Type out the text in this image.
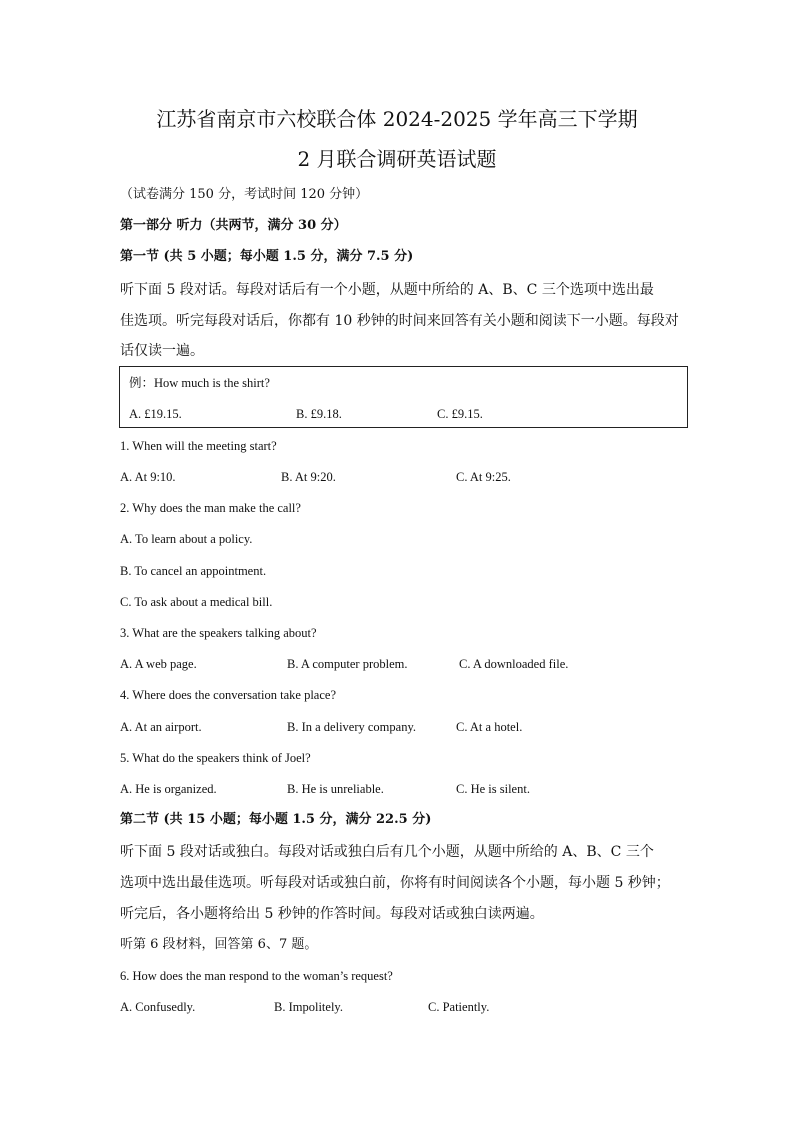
江苏省南京市六校联合体 2024-2025 学年高三下学期
2 月联合调研英语试题
（试卷满分 150 分，考试时间 120 分钟）
第一部分 听力（共两节，满分 30 分）
第一节 (共 5 小题；每小题 1.5 分，满分 7.5 分)
听下面 5 段对话。每段对话后有一个小题，从题中所给的 A、B、C 三个选项中选出最
佳选项。听完每段对话后，你都有 10 秒钟的时间来回答有关小题和阅读下一小题。每段对
话仅读一遍。
例：How much is the shirt?
A. £19.15.	B. £9.18.	C. £9.15.
1. When will the meeting start?
A. At 9:10.	B. At 9:20.	C. At 9:25.
2. Why does the man make the call?
A. To learn about a policy.
B. To cancel an appointment.
C. To ask about a medical bill.
3. What are the speakers talking about?
A. A web page.	B. A computer problem.	C. A downloaded file.
4. Where does the conversation take place?
A. At an airport.	B. In a delivery company.	C. At a hotel.
5. What do the speakers think of Joel?
A. He is organized.	B. He is unreliable.	C. He is silent.
第二节 (共 15 小题；每小题 1.5 分，满分 22.5 分)
听下面 5 段对话或独白。每段对话或独白后有几个小题，从题中所给的 A、B、C 三个
选项中选出最佳选项。听每段对话或独白前，你将有时间阅读各个小题，每小题 5 秒钟；
听完后，各小题将给出 5 秒钟的作答时间。每段对话或独白读两遍。
听第 6 段材料，回答第 6、7 题。
6. How does the man respond to the woman’s request?
A. Confusedly.	B. Impolitely.	C. Patiently.
